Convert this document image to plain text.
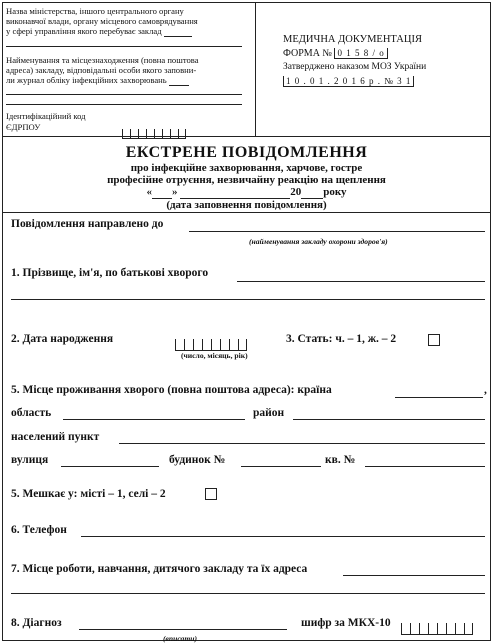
Назва міністерства, іншого центрального органу
виконавчої влади, органу місцевого самоврядування
у сфері управління якого перебуває заклад
Найменування та місцезнаходження (повна поштова
адреса) закладу, відповідальні особи якого заповни-
ли журнал обліку інфекційних захворювань
Ідентифікаційний код
ЄДРПОУ
МЕДИЧНА ДОКУМЕНТАЦІЯ
ФОРМА № 0 1 5 8 / о
Затверджено наказом МОЗ України
1 0 . 0 1 . 2 0 1 6 р . № 3 1
ЕКСТРЕНЕ ПОВІДОМЛЕННЯ
про інфекційне захворювання, харчове, гостре
професійне отруєння, незвичайну реакцію на щеплення
« »	20 року
(дата заповнення повідомлення)
Повідомлення направлено до
(найменування закладу охорони здоров'я)
1. Прізвище, ім'я, по батькові хворого
2. Дата народження
(число, місяць, рік)
3. Стать: ч. – 1, ж. – 2
5. Місце проживання хворого (повна поштова адреса): країна	,
область	район
населений пункт
вулиця	будинок №	кв. №
5. Мешкає у: місті – 1, селі – 2
6. Телефон
7. Місце роботи, навчання, дитячого закладу та їх адреса
8. Діагноз	шифр за МКХ-10
(вписати)
